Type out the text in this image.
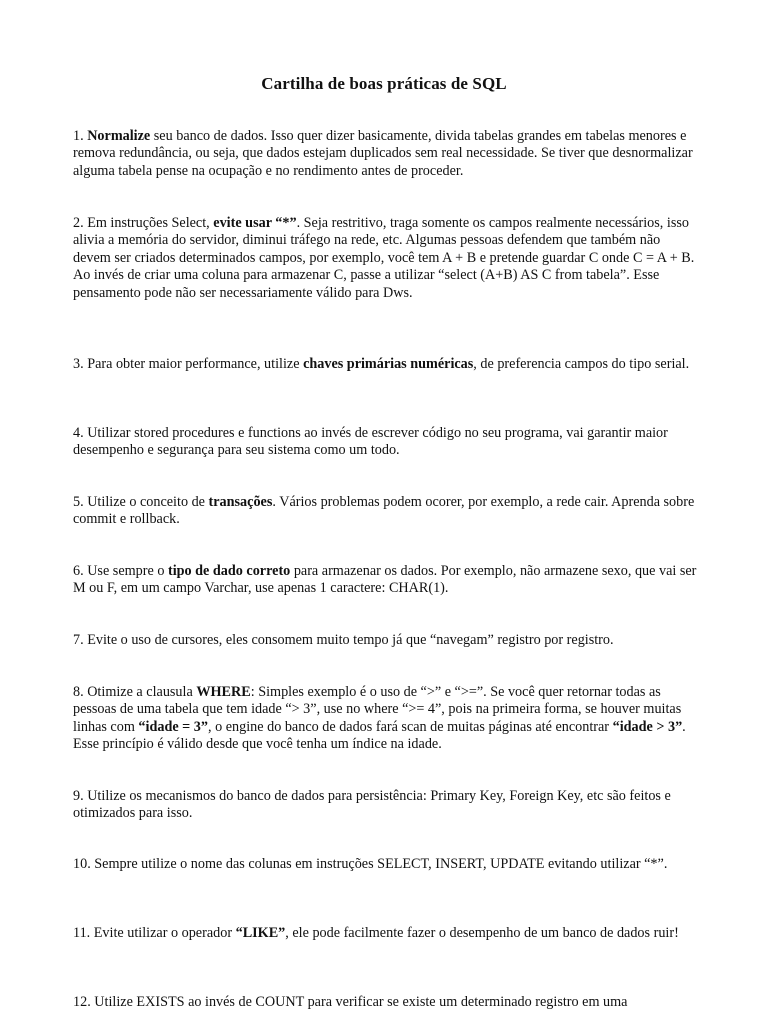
Cartilha de boas práticas de SQL
1. Normalize seu banco de dados. Isso quer dizer basicamente, divida tabelas grandes em tabelas menores e remova redundância, ou seja, que dados estejam duplicados sem real necessidade. Se tiver que desnormalizar alguma tabela pense na ocupação e no rendimento antes de proceder.
2. Em instruções Select, evite usar “*”. Seja restritivo, traga somente os campos realmente necessários, isso alivia a memória do servidor, diminui tráfego na rede, etc. Algumas pessoas defendem que também não devem ser criados determinados campos, por exemplo, você tem A + B e pretende guardar C onde C = A + B. Ao invés de criar uma coluna para armazenar C, passe a utilizar “select (A+B) AS C from tabela”. Esse pensamento pode não ser necessariamente válido para Dws.
3. Para obter maior performance, utilize chaves primárias numéricas, de preferencia campos do tipo serial.
4. Utilizar stored procedures e functions ao invés de escrever código no seu programa, vai garantir maior desempenho e segurança para seu sistema como um todo.
5. Utilize o conceito de transações. Vários problemas podem ocorer, por exemplo, a rede cair. Aprenda sobre commit e rollback.
6. Use sempre o tipo de dado correto para armazenar os dados. Por exemplo, não armazene sexo, que vai ser M ou F, em um campo Varchar, use apenas 1 caractere: CHAR(1).
7. Evite o uso de cursores, eles consomem muito tempo já que “navegam” registro por registro.
8. Otimize a clausula WHERE: Simples exemplo é o uso de “>” e “>=”. Se você quer retornar todas as pessoas de uma tabela que tem idade “> 3”, use no where “>= 4”, pois na primeira forma, se houver muitas linhas com “idade = 3”, o engine do banco de dados fará scan de muitas páginas até encontrar “idade > 3”. Esse princípio é válido desde que você tenha um índice na idade.
9. Utilize os mecanismos do banco de dados para persistência: Primary Key, Foreign Key, etc são feitos e otimizados para isso.
10. Sempre utilize o nome das colunas em instruções SELECT, INSERT, UPDATE evitando utilizar “*”.
11. Evite utilizar o operador “LIKE”, ele pode facilmente fazer o desempenho de um banco de dados ruir!
12. Utilize EXISTS ao invés de COUNT para verificar se existe um determinado registro em uma
